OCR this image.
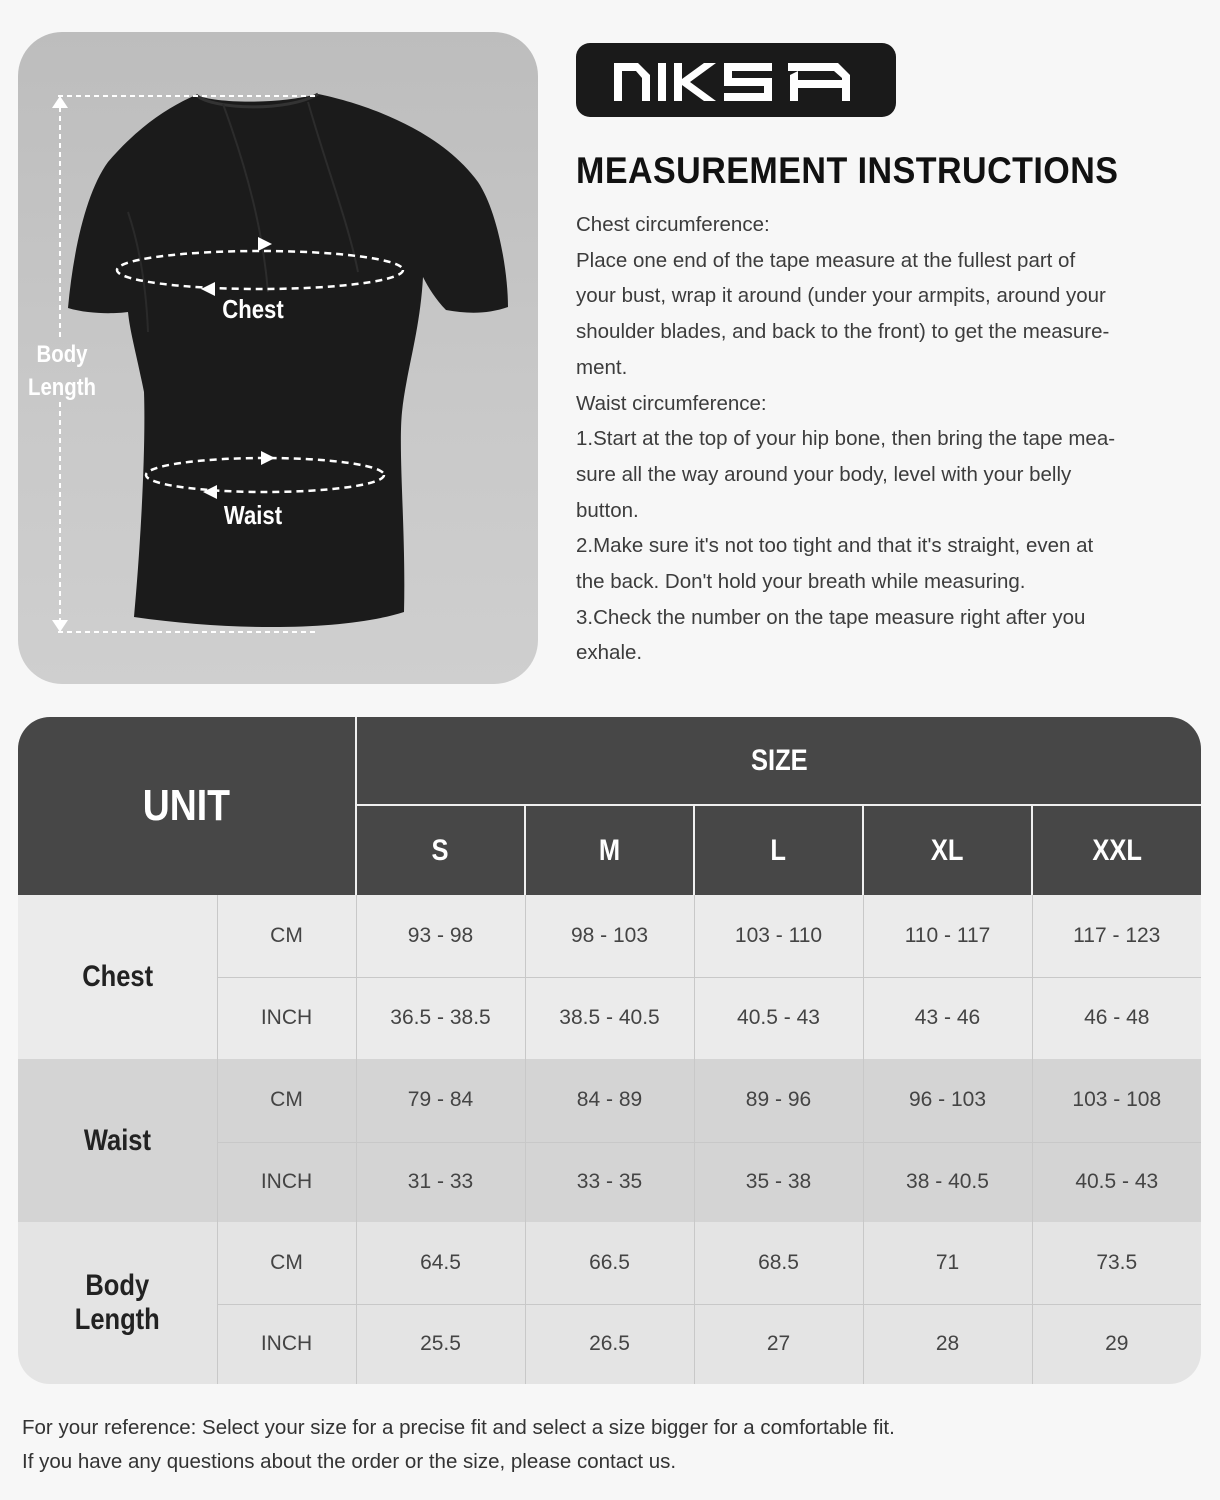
Chest
Waist
Body
Length
MEASUREMENT INSTRUCTIONS

Chest circumference:

Place one end of the tape measure at the fullest part of

your bust, wrap it around (under your armpits, around your

shoulder blades, and back to the front) to get the measure-

ment.

Waist circumference:

1.Start at the top of your hip bone, then bring the tape mea-

sure all the way around your body, level with your belly

button.

2.Make sure it's not too tight and that it's straight, even at

the back. Don't hold your breath while measuring.

3.Check the number on the tape measure right after you

exhale.

UNIT		SIZE				
		S	M	L	XL	XXL
Chest	CM	93 - 98	98 - 103	103 - 110	110 - 117	117 - 123
	INCH	36.5 - 38.5	38.5 - 40.5	40.5 - 43	43 - 46	46 - 48
Waist	CM	79 - 84	84 - 89	89 - 96	96 - 103	103 - 108
	INCH	31 - 33	33 - 35	35 - 38	38 - 40.5	40.5 - 43

Body
Length	CM	64.5	66.5	68.5	71	73.5
	INCH	25.5	26.5	27	28	29

For your reference: Select your size for a precise fit and select a size bigger for a comfortable fit.

If you have any questions about the order or the size, please contact us.
